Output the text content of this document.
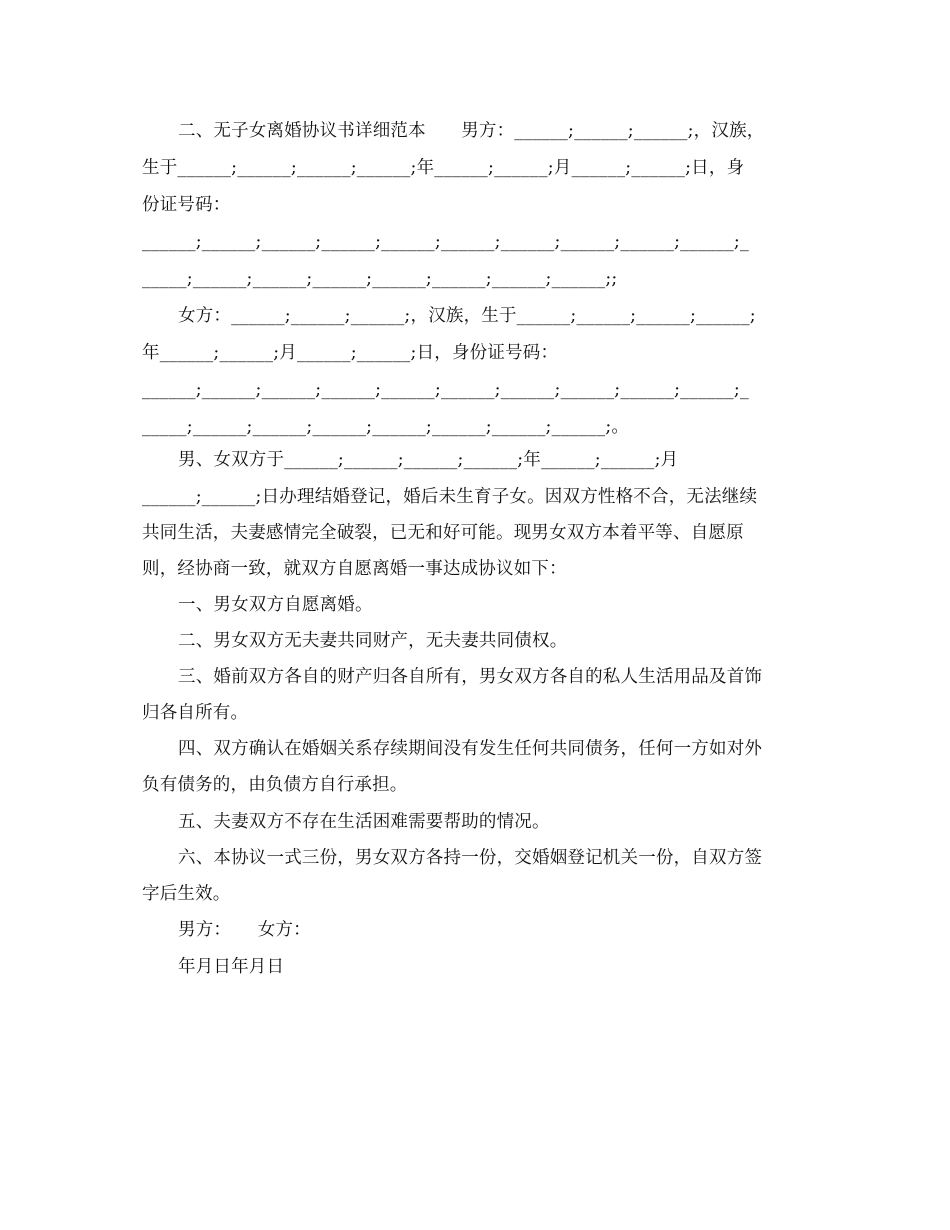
二、无子女离婚协议书详细范本　　男方：______;______;______;，汉族，
生于______;______;______;______;年______;______;月______;______;日，身
份证号码：
______;______;______;______;______;______;______;______;______;______;_
_____;______;______;______;______;______;______;______;;
女方：______;______;______;，汉族，生于______;______;______;______;
年______;______;月______;______;日，身份证号码：
______;______;______;______;______;______;______;______;______;______;_
_____;______;______;______;______;______;______;______;。
男、女双方于______;______;______;______;年______;______;月
______;______;日办理结婚登记，婚后未生育子女。因双方性格不合，无法继续
共同生活，夫妻感情完全破裂，已无和好可能。现男女双方本着平等、自愿原
则，经协商一致，就双方自愿离婚一事达成协议如下：
一、男女双方自愿离婚。
二、男女双方无夫妻共同财产，无夫妻共同债权。
三、婚前双方各自的财产归各自所有，男女双方各自的私人生活用品及首饰
归各自所有。
四、双方确认在婚姻关系存续期间没有发生任何共同债务，任何一方如对外
负有债务的，由负债方自行承担。
五、夫妻双方不存在生活困难需要帮助的情况。
六、本协议一式三份，男女双方各持一份，交婚姻登记机关一份，自双方签
字后生效。
男方：　　女方：
年月日年月日
